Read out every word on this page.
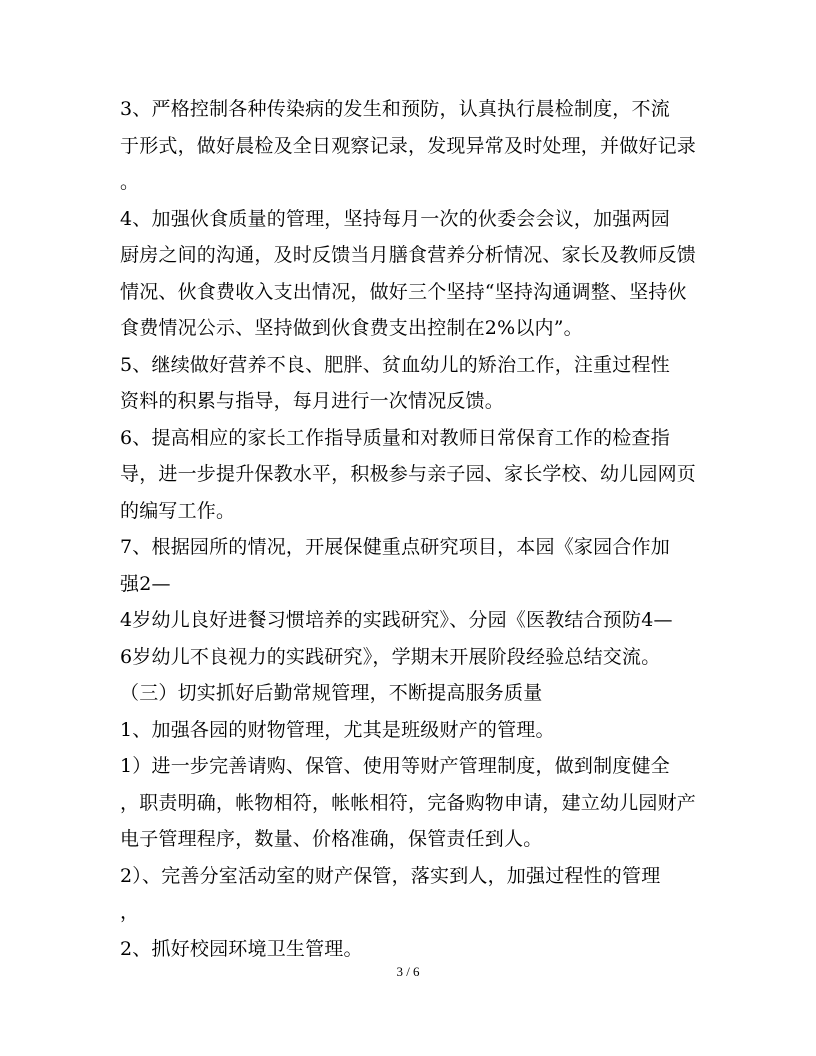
3、严格控制各种传染病的发生和预防，认真执行晨检制度，不流
于形式，做好晨检及全日观察记录，发现异常及时处理，并做好记录
。
4、加强伙食质量的管理，坚持每月一次的伙委会会议，加强两园
厨房之间的沟通，及时反馈当月膳食营养分析情况、家长及教师反馈
情况、伙食费收入支出情况，做好三个坚持“坚持沟通调整、坚持伙
食费情况公示、坚持做到伙食费支出控制在2%以内”。
5、继续做好营养不良、肥胖、贫血幼儿的矫治工作，注重过程性
资料的积累与指导，每月进行一次情况反馈。
6、提高相应的家长工作指导质量和对教师日常保育工作的检查指
导，进一步提升保教水平，积极参与亲子园、家长学校、幼儿园网页
的编写工作。
7、根据园所的情况，开展保健重点研究项目，本园《家园合作加
强2—
4岁幼儿良好进餐习惯培养的实践研究》、分园《医教结合预防4—
6岁幼儿不良视力的实践研究》，学期末开展阶段经验总结交流。
（三）切实抓好后勤常规管理，不断提高服务质量
1、加强各园的财物管理，尤其是班级财产的管理。
1）进一步完善请购、保管、使用等财产管理制度，做到制度健全
，职责明确，帐物相符，帐帐相符，完备购物申请，建立幼儿园财产
电子管理程序，数量、价格准确，保管责任到人。
2）、完善分室活动室的财产保管，落实到人，加强过程性的管理
，
2、抓好校园环境卫生管理。
3 / 6
